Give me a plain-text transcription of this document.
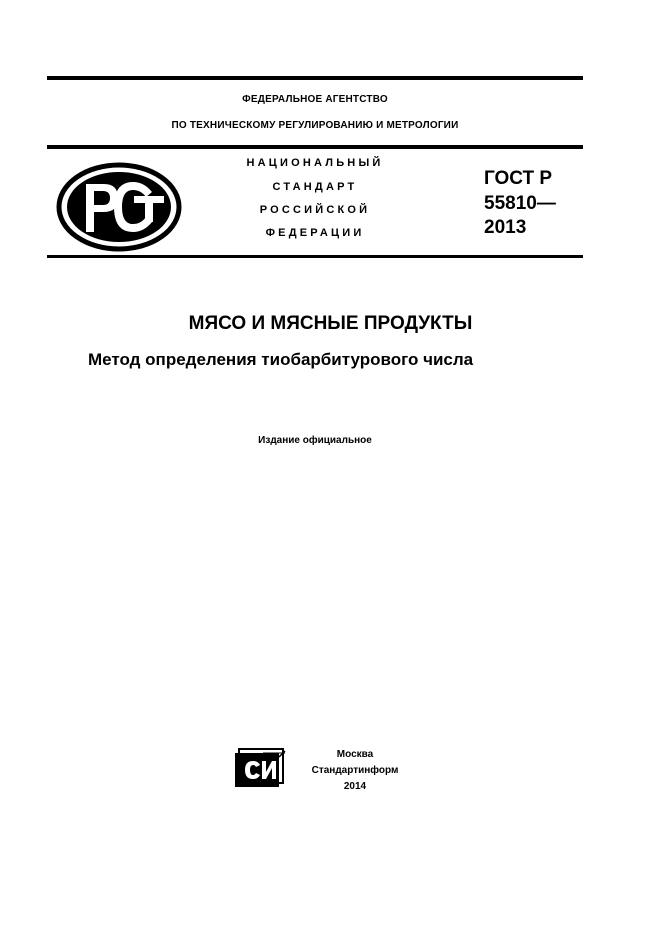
ФЕДЕРАЛЬНОЕ АГЕНТСТВО
ПО ТЕХНИЧЕСКОМУ РЕГУЛИРОВАНИЮ И МЕТРОЛОГИИ
НАЦИОНАЛЬНЫЙ
СТАНДАРТ
РОССИЙСКОЙ
ФЕДЕРАЦИИ
ГОСТ Р
55810—
2013
МЯСО И МЯСНЫЕ ПРОДУКТЫ
Метод определения тиобарбитурового числа
Издание официальное
Москва
Стандартинформ
2014
